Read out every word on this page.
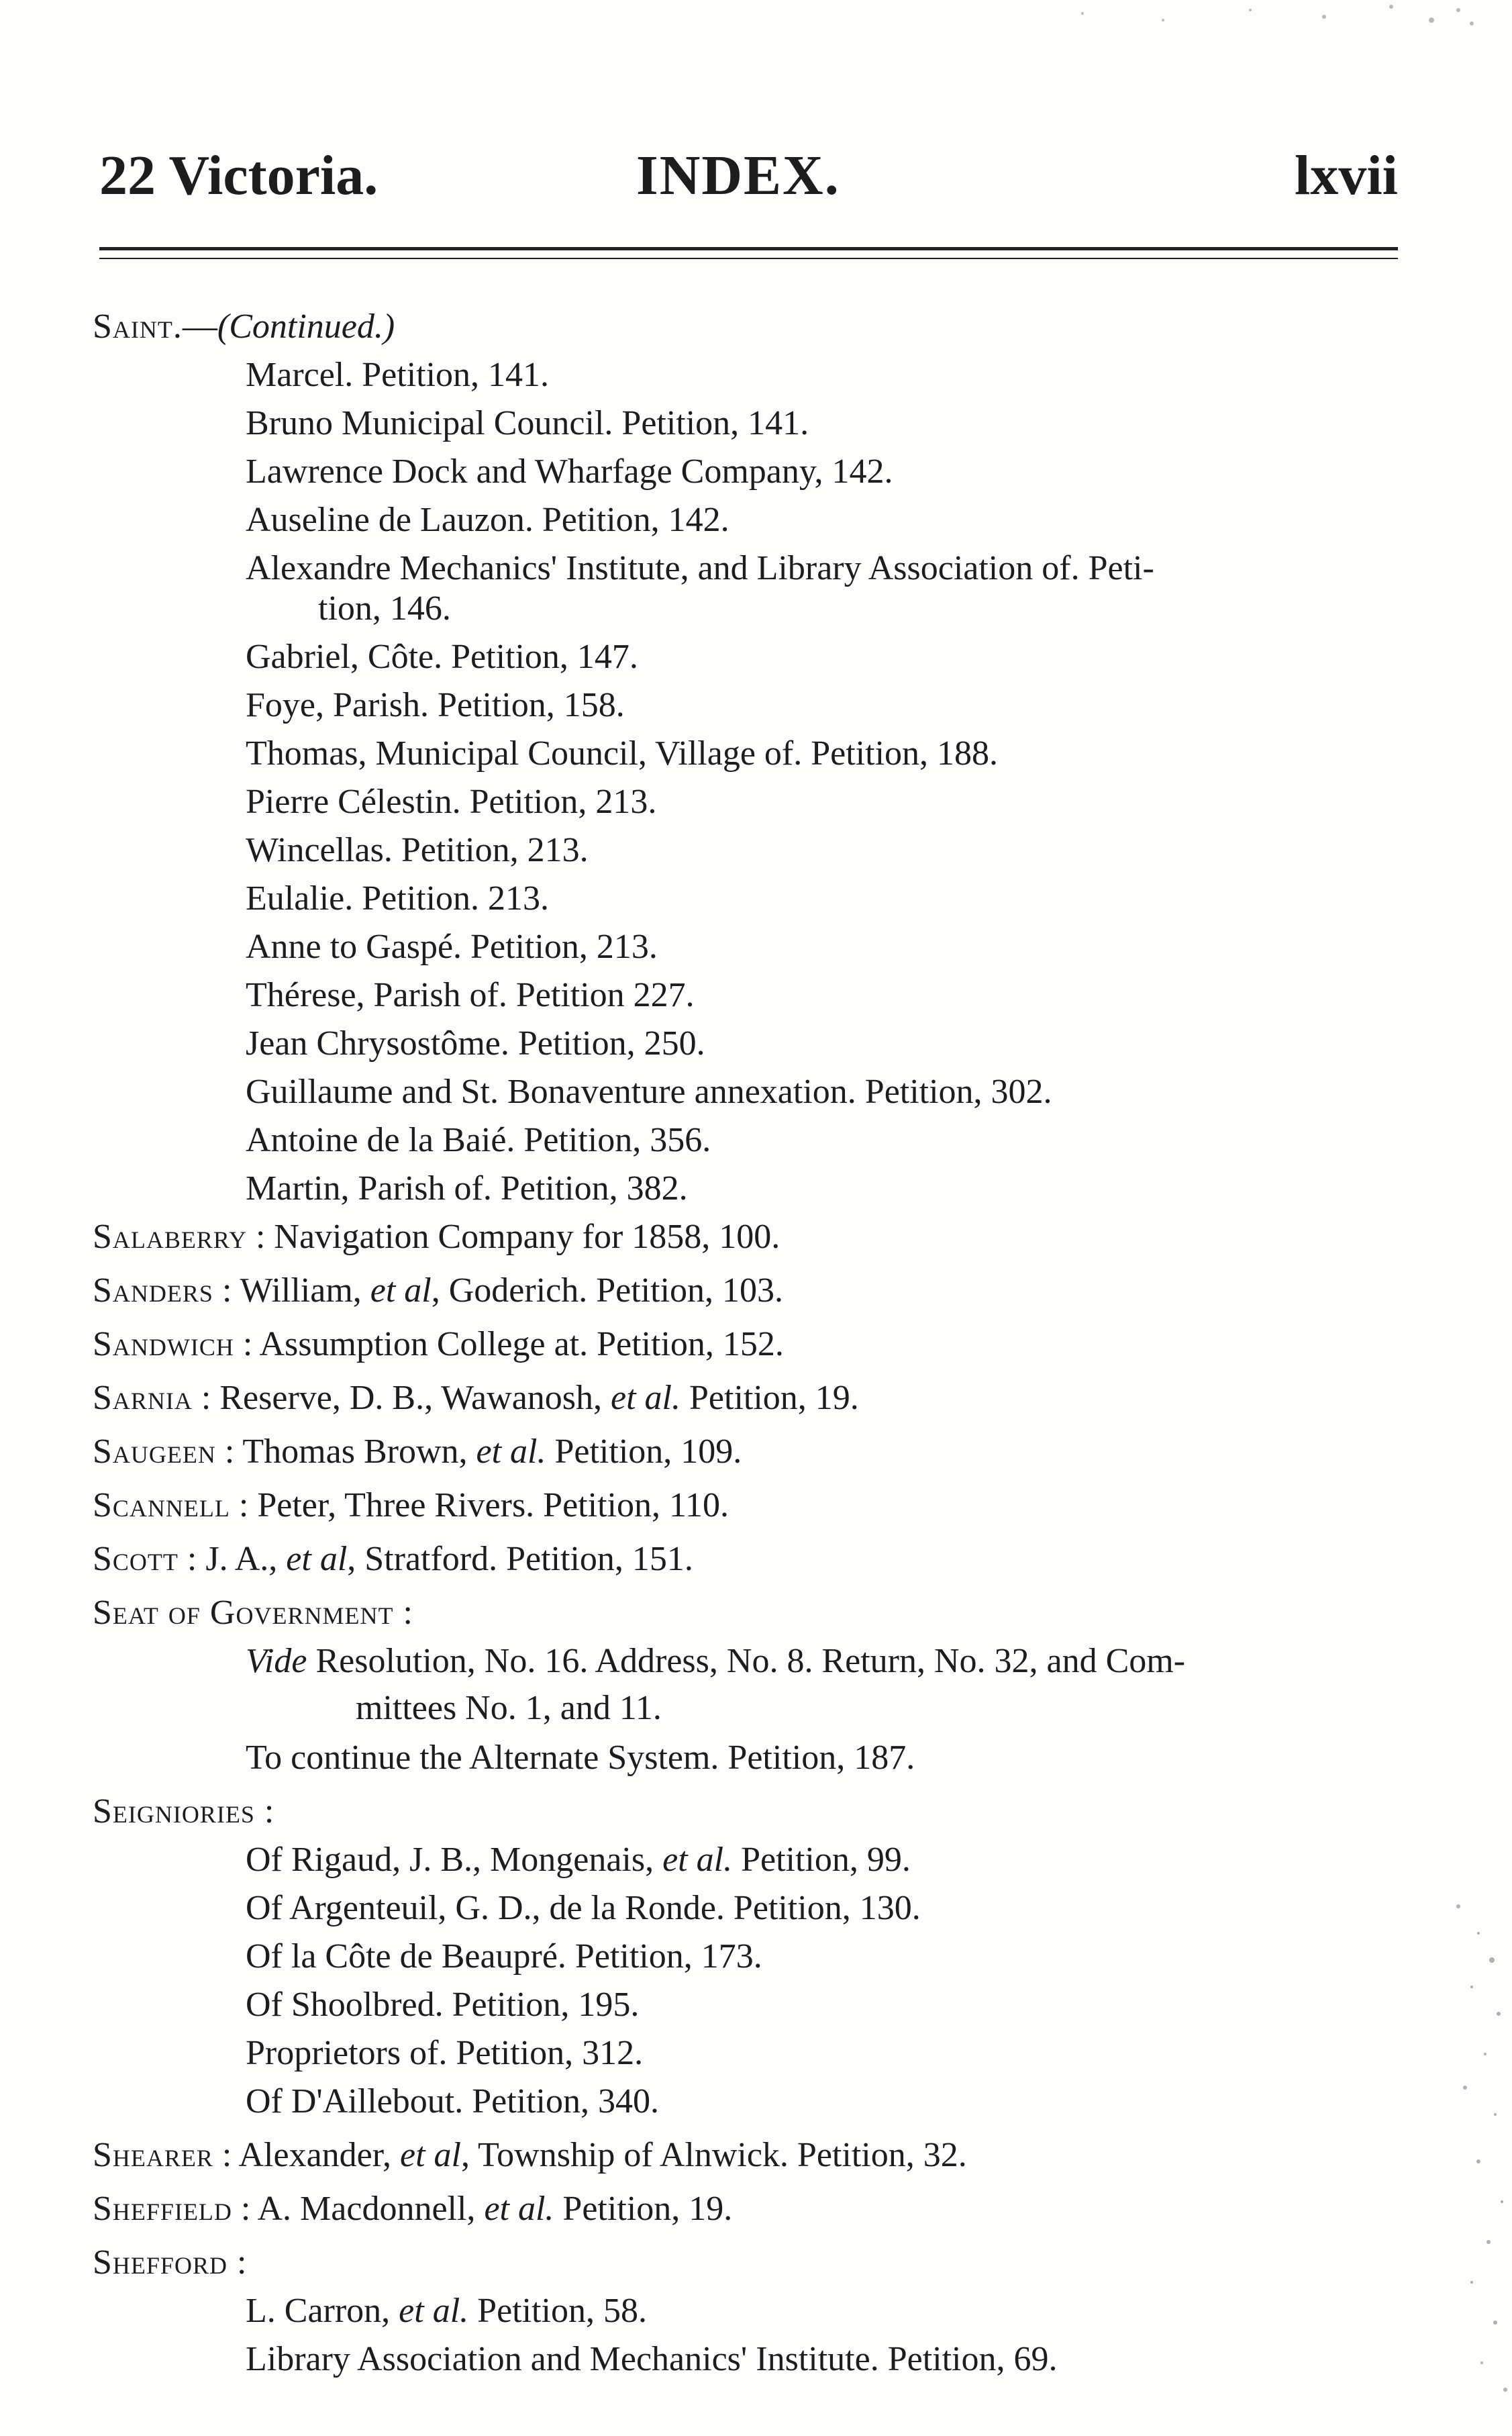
22 Victoria.	INDEX.	lxvii
Saint.—(Continued.)
Marcel. Petition, 141.
Bruno Municipal Council. Petition, 141.
Lawrence Dock and Wharfage Company, 142.
Auseline de Lauzon. Petition, 142.
Alexandre Mechanics' Institute, and Library Association of. Peti-
tion, 146.
Gabriel, Côte. Petition, 147.
Foye, Parish. Petition, 158.
Thomas, Municipal Council, Village of. Petition, 188.
Pierre Célestin. Petition, 213.
Wincellas. Petition, 213.
Eulalie. Petition. 213.
Anne to Gaspé. Petition, 213.
Thérese, Parish of. Petition 227.
Jean Chrysostôme. Petition, 250.
Guillaume and St. Bonaventure annexation. Petition, 302.
Antoine de la Baié. Petition, 356.
Martin, Parish of. Petition, 382.
Salaberry : Navigation Company for 1858, 100.
Sanders : William, et al, Goderich. Petition, 103.
Sandwich : Assumption College at. Petition, 152.
Sarnia : Reserve, D. B., Wawanosh, et al. Petition, 19.
Saugeen : Thomas Brown, et al. Petition, 109.
Scannell : Peter, Three Rivers. Petition, 110.
Scott : J. A., et al, Stratford. Petition, 151.
Seat of Government :
Vide Resolution, No. 16. Address, No. 8. Return, No. 32, and Com-
mittees No. 1, and 11.
To continue the Alternate System. Petition, 187.
Seigniories :
Of Rigaud, J. B., Mongenais, et al. Petition, 99.
Of Argenteuil, G. D., de la Ronde. Petition, 130.
Of la Côte de Beaupré. Petition, 173.
Of Shoolbred. Petition, 195.
Proprietors of. Petition, 312.
Of D'Aillebout. Petition, 340.
Shearer : Alexander, et al, Township of Alnwick. Petition, 32.
Sheffield : A. Macdonnell, et al. Petition, 19.
Shefford :
L. Carron, et al. Petition, 58.
Library Association and Mechanics' Institute. Petition, 69.
